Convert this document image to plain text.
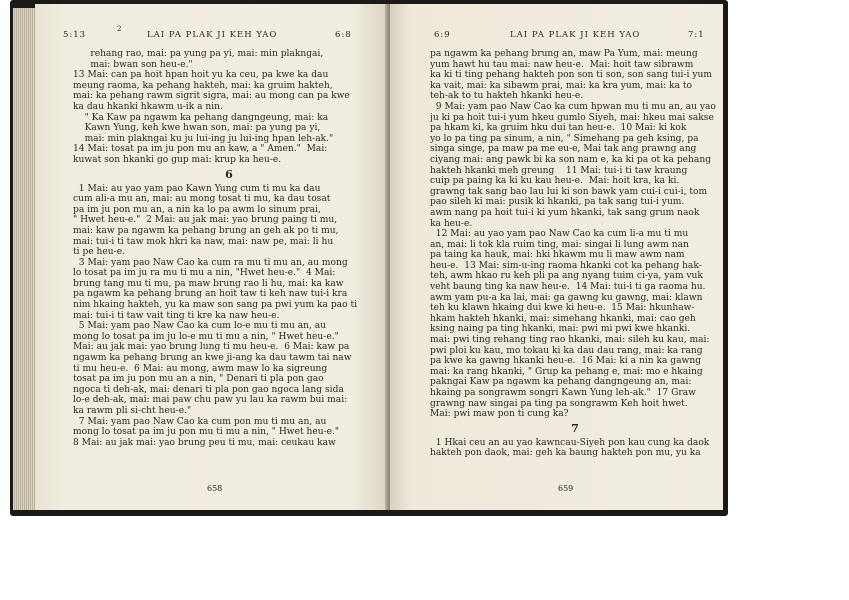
5:13
2
LAI PA PLAK JI KEH YAO	6:8
rehang rao, mai: pa yung pa yi, mai: min plakngai,
mai: bwan son heu-e."
13 Mai: can pa hoit hpan hoit yu ka ceu, pa kwe ka dau
meung raoma, ka pehang hakteh, mai: ka gruim hakteh,
mai: ka pehang rawm sigrit sigra, mai: au mong can pa kwe
ka dau hkanki hkawm u-ik a nin.
" Ka Kaw pa ngawm ka pehang dangngeung, mai: ka
Kawn Yung, keh kwe hwan son, mai: pa yung pa yi,
mai: min plakngai ku ju lui-ing ju lui-ing hpan leh-ak."
14 Mai: tosat pa im ju pon mu an kaw, a " Amen."  Mai:
kuwat son hkanki go gup mai: krup ka heu-e.
6
1 Mai: au yao yam pao Kawn Yung cum ti mu ka dau
cum ali-a mu an, mai: au mong tosat ti mu, ka dau tosat
pa im ju pon mu an, a nin ka lo pa awm lo sinum prai,
" Hwet heu-e."  2 Mai: au jak mai: yao brung paing ti mu,
mai: kaw pa ngawm ka pehang brung an geh ak po ti mu,
mai: tui-i ti taw mok hkri ka naw, mai: naw pe, mai: li hu
ti pe heu-e.
3 Mai: yam pao Naw Cao ka cum ra mu ti mu an, au mong
lo tosat pa im ju ra mu ti mu a nin, "Hwet heu-e."  4 Mai:
brung tang mu ti mu, pa maw brung rao li hu, mai: ka kaw
pa ngawm ka pehang brung an hoit taw ti keh naw tui-i kra
nim hkaing hakteh, yu ka maw son sang pa pwi yum ka pao ti
mai: tui-i ti taw vait ting ti kre ka naw heu-e.
5 Mai: yam pao Naw Cao ka cum lo-e mu ti mu an, au
mong lo tosat pa im ju lo-e mu ti mu a nin, " Hwet heu-e."
Mai: au jak mai: yao brung lung ti mu heu-e.  6 Mai: kaw pa
ngawm ka pehang brung an kwe ji-ang ka dau tawm tai naw
ti mu heu-e.  6 Mai: au mong, awm maw lo ka sigreung
tosat pa im ju pon mu an a nin, " Denari ti pla pon gao
ngoca ti deh-ak, mai: denari ti pla pon gao ngoca lang sida
lo-e deh-ak, mai: mai paw chu paw yu lau ka rawm bui mai:
ka rawm pli si-cht heu-e."
7 Mai: yam pao Naw Cao ka cum pon mu ti mu an, au
mong lo tosat pa im ju pon mu ti mu a nin, " Hwet heu-e."
8 Mai: au jak mai: yao brung peu ti mu, mai: ceukau kaw
658
6:9	LAI PA PLAK JI KEH YAO	7:1
pa ngawm ka pehang brung an, maw Pa Yum, mai: meung
yum hawt hu tau mai: naw heu-e.  Mai: hoit taw sibrawm
ka ki ti ting pehang hakteh pon son ti son, son sang tui-i yum
ka vait, mai: ka sibawm prai, mai: ka kra yum, mai: ka to
teh-ak to tu hakteh hkanki heu-e.
9 Mai: yam pao Naw Cao ka cum hpwan mu ti mu an, au yao
ju ki pa hoit tui-i yum hkeu gumlo Siyeh, mai: hkeu mai sakse
pa hkam ki, ka gruim hku dui tan heu-e.  10 Mai: ki kok
yo lo pa ting pa sinum, a nin, " Simehang pa geh ksing, pa
singa singe, pa maw pa me eu-e, Mai tak ang prawng ang
ciyang mai: ang pawk bi ka son nam e, ka ki pa ot ka pehang
hakteh hkanki meh greung    11 Mai: tui-i ti taw kraung
cuip pa paing ka ki ku kau heu-e.  Mai: hoit kra, ka ki.
grawng tak sang bao lau lui ki son bawk yam cui-i cui-i, tom
pao sileh ki mai: pusik ki hkanki, pa tak sang tui-i yum.
awm nang pa hoit tui-i ki yum hkanki, tak sang grum naok
ka heu-e.
12 Mai: au yao yam pao Naw Cao ka cum li-a mu ti mu
an, mai: li tok kla ruim ting, mai: singai li lung awm nan
pa taing ka hauk, mai: hki hkawm mu li maw awm nam
heu-e.  13 Mai: sim-u-ing raoma hkanki cot ka pehang hak-
teh, awm hkao ru keh pli pa ang nyang tuim ci-ya, yam vuk
veht baung ting ka naw heu-e.  14 Mai: tui-i ti ga raoma hu.
awm yam pu-a ka lai, mai: ga gawng ku gawng, mai: klawn
teh ku klawn hkaing dui kwe ki heu-e.  15 Mai: hkunhaw-
hkam hakteh hkanki, mai: simehang hkanki, mai: cao geh
ksing naing pa ting hkanki, mai: pwi mi pwi kwe hkanki.
mai: pwi ting rehang ting rao hkanki, mai: sileh ku kau, mai:
pwi ploi ku kau, mo tokau ki ka dau dau rang, mai: ka rang
pa kwe ka gawng hkanki heu-e.  16 Mai: ki a nin ka gawng
mai: ka rang hkanki, " Grup ka pehang e, mai: mo e hkaing
pakngai Kaw pa ngawm ka pehang dangngeung an, mai:
hkaing pa songrawm songri Kawn Yung leh-ak."  17 Graw
grawng naw singai pa ting pa songrawm Keh hoit hwet.
Mai: pwi maw pon ti cung ka?
7
1 Hkai ceu an au yao kawncau-Siyeh pon kau cung ka daok
hakteh pon daok, mai: geh ka baung hakteh pon mu, yu ka
659
